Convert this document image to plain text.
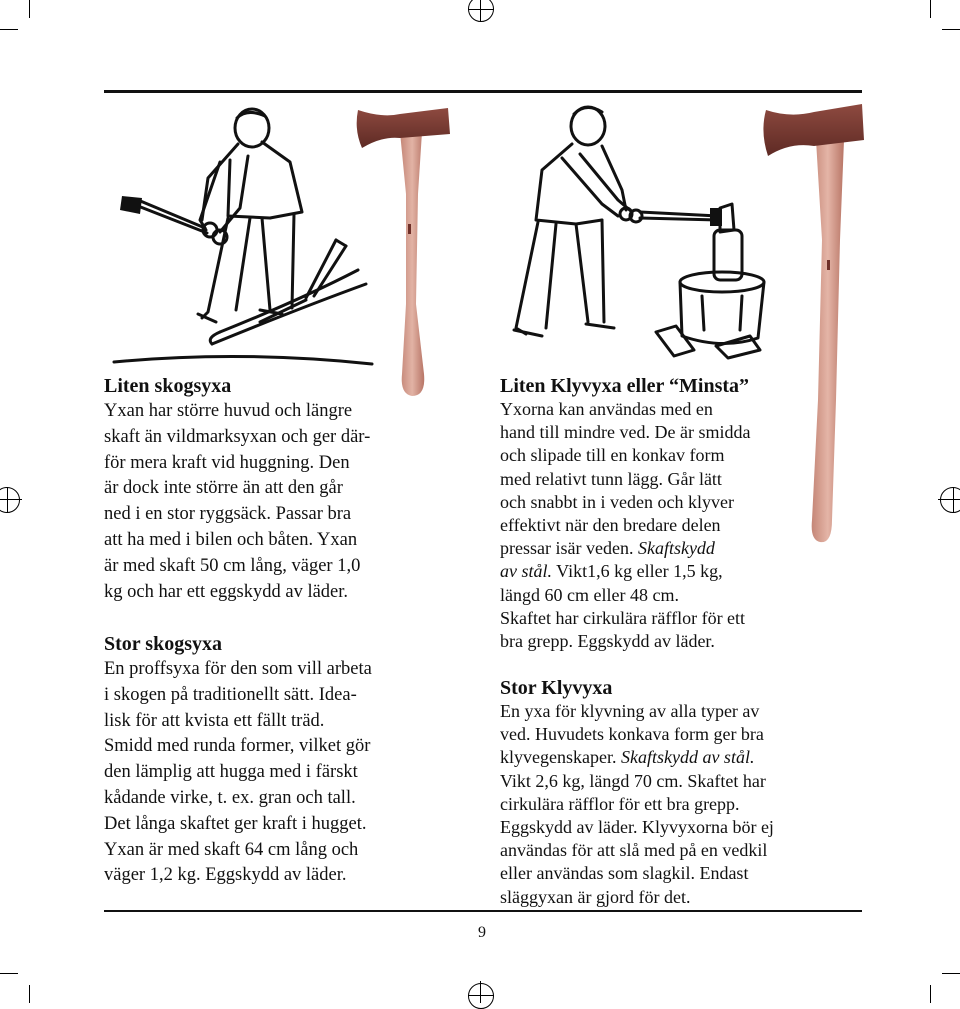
Liten skogsyxa
Yxan har större huvud och längre
skaft än vildmarksyxan och ger där-
för mera kraft vid huggning. Den
är dock inte större än att den går
ned i en stor ryggsäck. Passar bra
att ha med i bilen och båten. Yxan
är med skaft 50 cm lång, väger 1,0
kg och har ett eggskydd av läder.
Stor skogsyxa
En proffsyxa för den som vill arbeta
i skogen på traditionellt sätt. Idea-
lisk för att kvista ett fällt träd.
Smidd med runda former, vilket gör
den lämplig att hugga med i färskt
kådande virke, t. ex. gran och tall.
Det långa skaftet ger kraft i hugget.
Yxan är med skaft 64 cm lång och
väger 1,2 kg. Eggskydd av läder.
Liten Klyvyxa eller “Minsta”
Yxorna kan användas med en
hand till mindre ved. De är smidda
och slipade till en konkav form
med relativt tunn lägg. Går lätt
och snabbt in i veden och klyver
effektivt när den bredare delen
pressar isär veden. Skaftskydd
av stål. Vikt1,6 kg eller 1,5 kg,
längd 60 cm eller 48 cm.
Skaftet har cirkulära räfflor för ett
bra grepp. Eggskydd av läder.
Stor Klyvyxa
En yxa för klyvning av alla typer av
ved. Huvudets konkava form ger bra
klyvegenskaper. Skaftskydd av stål.
Vikt 2,6 kg, längd 70 cm. Skaftet har
cirkulära räfflor för ett bra grepp.
Eggskydd av läder. Klyvyxorna bör ej
användas för att slå med på en vedkil
eller användas som slagkil. Endast
släggyxan är gjord för det.
9
